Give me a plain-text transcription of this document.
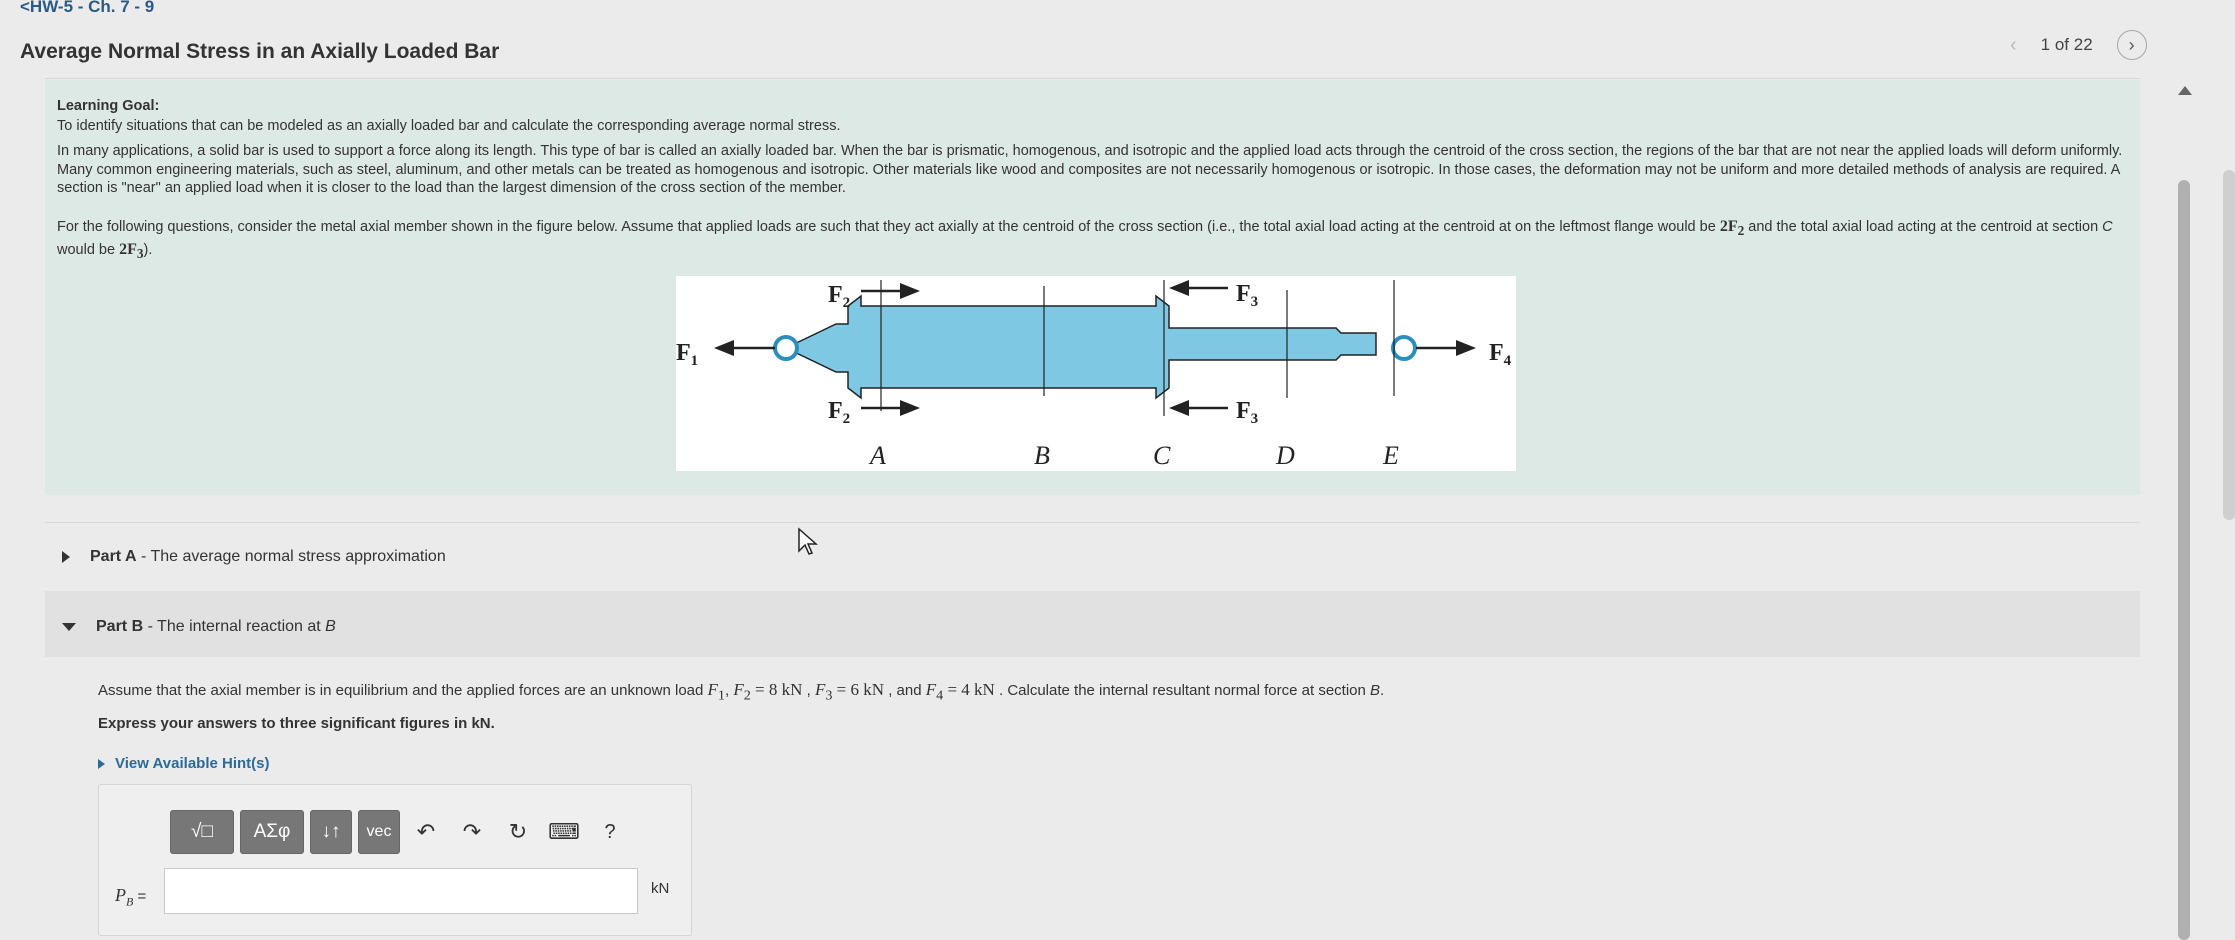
<HW-5 - Ch. 7 - 9
Average Normal Stress in an Axially Loaded Bar	‹ 1 of 22 ›
Learning Goal:
To identify situations that can be modeled as an axially loaded bar and calculate the corresponding average normal stress.
In many applications, a solid bar is used to support a force along its length. This type of bar is called an axially loaded bar. When the bar is prismatic, homogenous, and isotropic and the applied load acts through the centroid of the cross section, the regions of the bar that are not near the applied loads will deform uniformly. Many common engineering materials, such as steel, aluminum, and other metals can be treated as homogenous and isotropic. Other materials like wood and composites are not necessarily homogenous or isotropic. In those cases, the deformation may not be uniform and more detailed methods of analysis are required. A section is "near" an applied load when it is closer to the load than the largest dimension of the cross section of the member.
For the following questions, consider the metal axial member shown in the figure below. Assume that applied loads are such that they act axially at the centroid of the cross section (i.e., the total axial load acting at the centroid at on the leftmost flange would be $2F_2$ and the total axial load acting at the centroid at section C would be $2F_3$).
$F_1$
$F_2$
$F_2$
$F_3$
$F_3$
$F_4$
A	B	C	D	E
Part A - The average normal stress approximation
Part B - The internal reaction at B
Assume that the axial member is in equilibrium and the applied forces are an unknown load $F_1$, $F_2 = 8$ kN , $F_3 = 6$ kN , and $F_4 = 4$ kN . Calculate the internal resultant normal force at section B.
Express your answers to three significant figures in kN.
View Available Hint(s)
√□	ΑΣφ	↓↑	vec	↶	↷	↻ ⌨	?
$P_B$ =	kN
